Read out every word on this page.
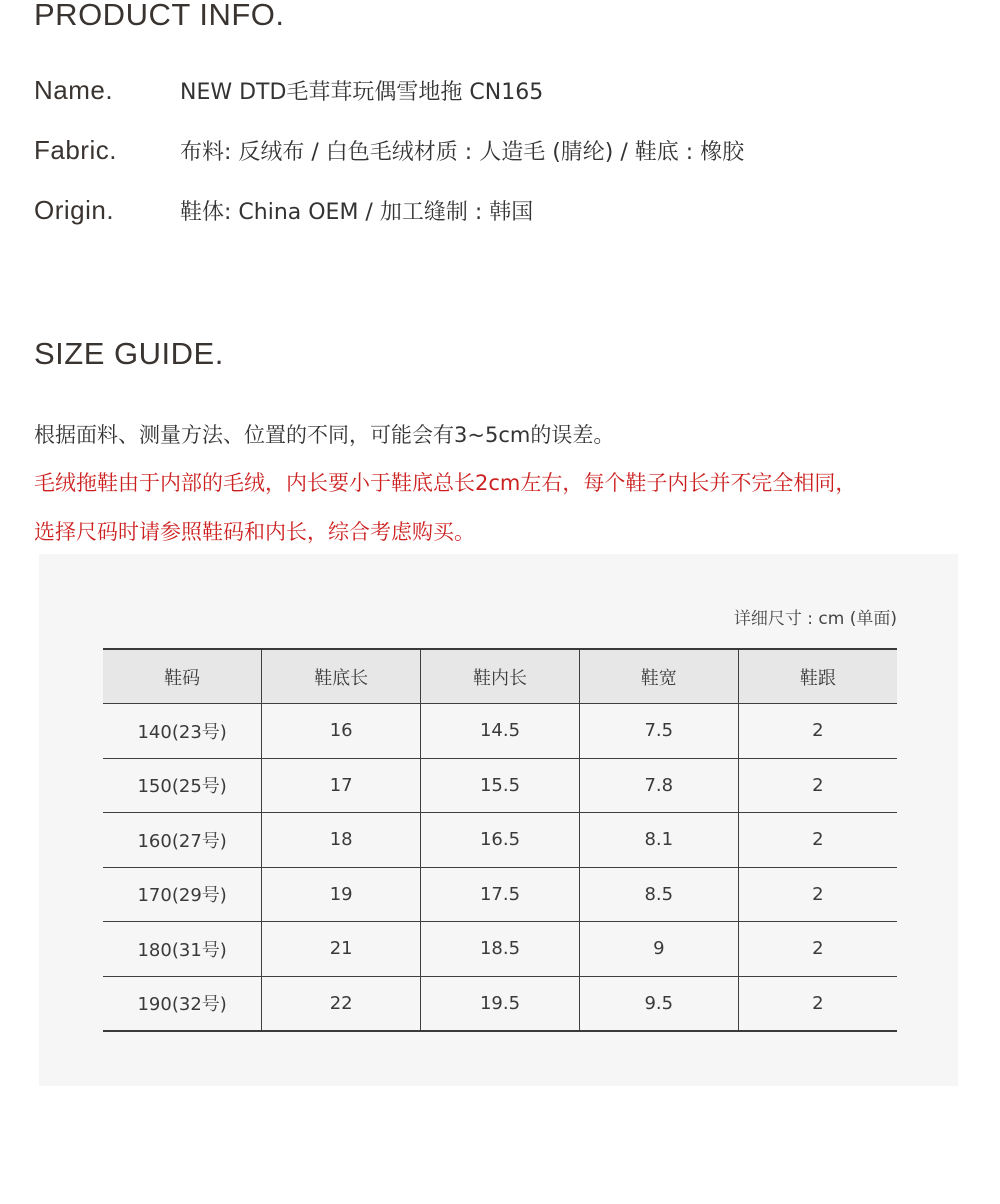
PRODUCT INFO.
Name.	NEW DTD毛茸茸玩偶雪地拖 CN165
Fabric.	布料: 反绒布 / 白色毛绒材质 : 人造毛 (腈纶) / 鞋底 : 橡胶
Origin.	鞋体: China OEM / 加工缝制 : 韩国
SIZE GUIDE.

根据面料、测量方法、位置的不同，可能会有3~5cm的误差。

毛绒拖鞋由于内部的毛绒，内长要小于鞋底总长2cm左右，每个鞋子内长并不完全相同，

选择尺码时请参照鞋码和内长，综合考虑购买。

详细尺寸 : cm (单面)
鞋码	鞋底长	鞋内长	鞋宽	鞋跟
140(23号)	16	14.5	7.5	2
150(25号)	17	15.5	7.8	2
160(27号)	18	16.5	8.1	2
170(29号)	19	17.5	8.5	2
180(31号)	21	18.5	9	2
190(32号)	22	19.5	9.5	2
